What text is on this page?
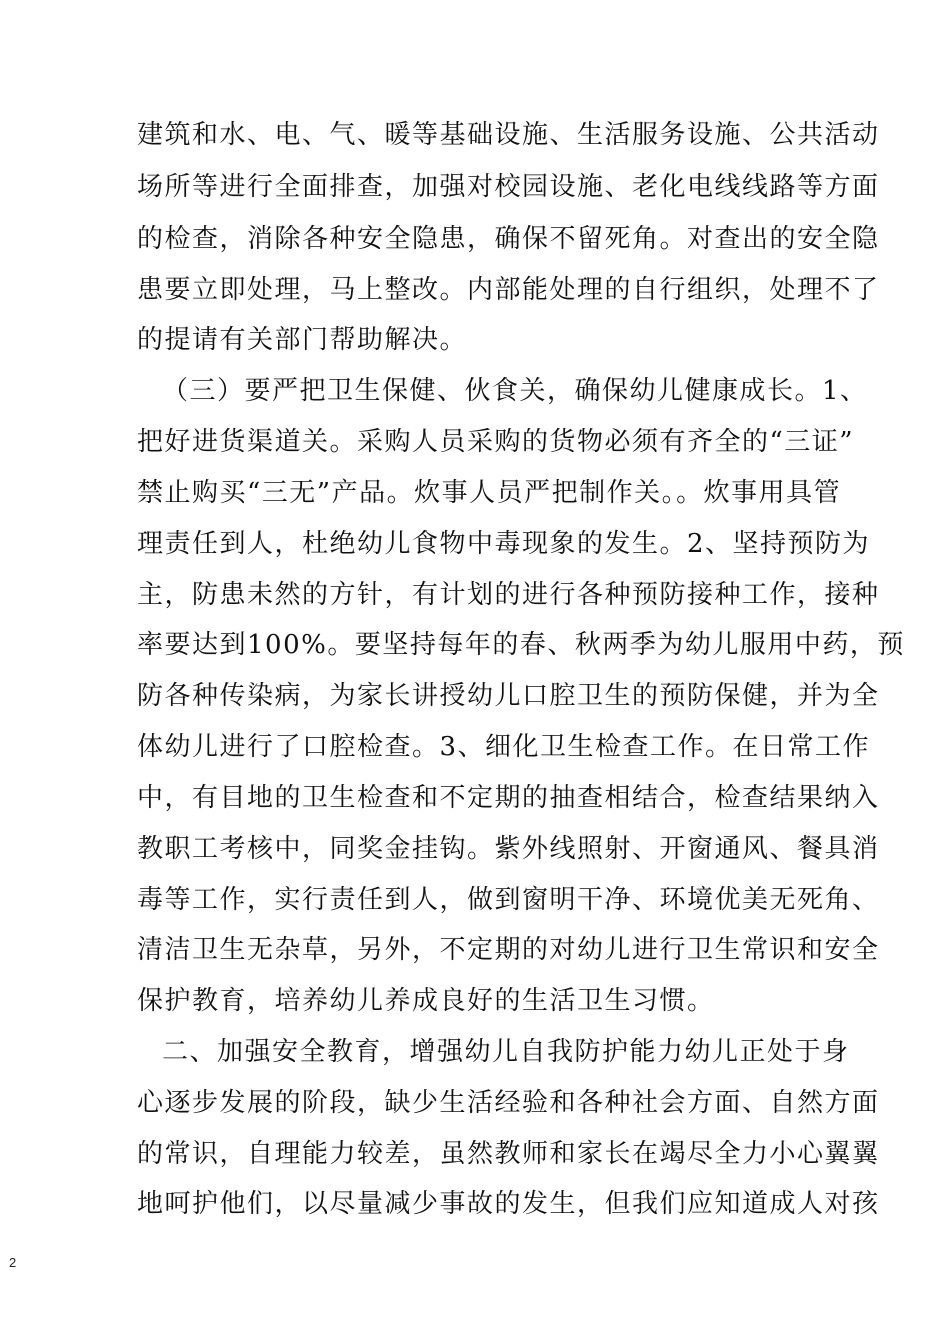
建筑和水、电、气、暖等基础设施、生活服务设施、公共活动
场所等进行全面排查，加强对校园设施、老化电线线路等方面
的检查，消除各种安全隐患，确保不留死角。对查出的安全隐
患要立即处理，马上整改。内部能处理的自行组织，处理不了
的提请有关部门帮助解决。
（三）要严把卫生保健、伙食关，确保幼儿健康成长。1、
把好进货渠道关。采购人员采购的货物必须有齐全的“三证”
禁止购买“三无”产品。炊事人员严把制作关。。炊事用具管
理责任到人，杜绝幼儿食物中毒现象的发生。2、坚持预防为
主，防患未然的方针，有计划的进行各种预防接种工作，接种
率要达到100%。要坚持每年的春、秋两季为幼儿服用中药，预
防各种传染病，为家长讲授幼儿口腔卫生的预防保健，并为全
体幼儿进行了口腔检查。3、细化卫生检查工作。在日常工作
中，有目地的卫生检查和不定期的抽查相结合，检查结果纳入
教职工考核中，同奖金挂钩。紫外线照射、开窗通风、餐具消
毒等工作，实行责任到人，做到窗明干净、环境优美无死角、
清洁卫生无杂草，另外，不定期的对幼儿进行卫生常识和安全
保护教育，培养幼儿养成良好的生活卫生习惯。
二、加强安全教育，增强幼儿自我防护能力幼儿正处于身
心逐步发展的阶段，缺少生活经验和各种社会方面、自然方面
的常识，自理能力较差，虽然教师和家长在竭尽全力小心翼翼
地呵护他们，以尽量减少事故的发生，但我们应知道成人对孩
2
